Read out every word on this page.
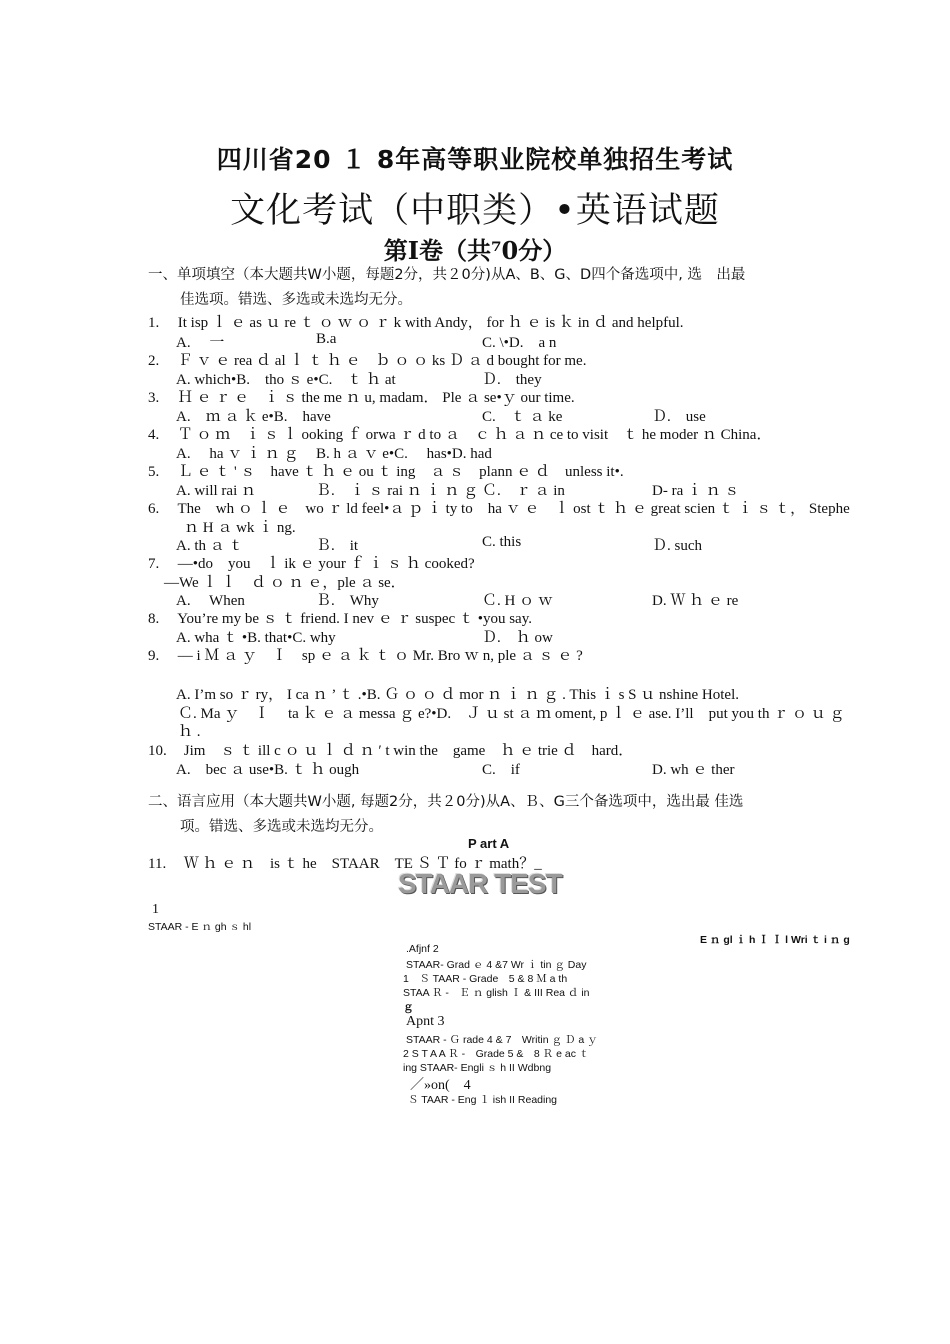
四川省20 １ 8年高等职业院校单独招生考试
文化考试（中职类）•英语试题
第I卷（共⁷0分）
一、单项填空（本大题共W小题，每题2分，共２0分)从A、B、G、D四个备选项中, 选　出最
佳选项。错选、多选或未选均无分。
1. It isp ｌ ｅ as ｕ re ｔ ｏ ｗ ｏ ｒ k with Andy， for ｈ ｅ is ｋ in ｄ and helpful.
A.　 一	B.a	C. \•D.　a n
2. Ｆ ｖ ｅ rea ｄ al ｌ ｔ ｈ ｅ　ｂ ｏ ｏ ks Ｄ ａ d bought for me.
A. which•B.　tho ｓ e•C.　ｔ ｈ at	Ｄ.　they
3. Ｈ ｅ ｒ ｅ　ｉ ｓ the me ｎ u, madam． Ple ａ se•ｙ our time.
A.　ｍ ａ ｋ e•B.　have	C.　ｔ ａ ke	Ｄ.　use
4. Ｔ ｏ ｍ　ｉ ｓ ｌ ooking ｆ orwa ｒ d to ａ　ｃ ｈ ａ ｎ ce to visit　ｔ he moder ｎ China．
A.　 ha ｖ ｉ ｎ ｇ B. h ａ ｖ e•C.　 has•D. had
5. Ｌ ｅ ｔ ' ｓ　have ｔ ｈ ｅ ou ｔ ing　ａ ｓ　plann ｅ ｄ　unless it•.
A. will rai ｎ	Ｂ.　ｉ ｓ rai ｎ ｉ ｎ ｇ Ｃ.　ｒ ａ in	D- ra ｉ ｎ ｓ
6. The　wh ｏ ｌ ｅ　wo ｒ ld feel•ａ ｐ ｉ ty to　ha ｖ ｅ　ｌ ost ｔ ｈ ｅ great scien ｔ ｉ ｓ ｔ， Stephe
ｎ H ａ wk ｉ ng.
A. th ａ ｔ	Ｂ.　it	C. this	Ｄ. such
7. —•do　you　ｌ ik ｅ your ｆ ｉ ｓ ｈ cooked?
—We ｌ ｌ　ｄ ｏ ｎ ｅ，ple ａ se．
A.　 When	Ｂ.　Why	Ｃ. H ｏ ｗ	D. Ｗ ｈ ｅ re
8. You’re my be ｓ ｔ friend. I nev ｅ ｒ suspec ｔ •you say.
A. wha ｔ •B. that•C. why	Ｄ.　ｈ ow
9. — i Ｍ ａ ｙ　Ｉ　sp ｅ ａ ｋ ｔ ｏ Mr. Bro ｗ n, ple ａ ｓ ｅ ?
A. I’m so ｒ ry， I ca ｎ ’ ｔ .•B. Ｇ ｏ ｏ ｄ mor ｎ ｉ ｎ ｇ . This ｉ s S ｕ nshine Hotel.
Ｃ. Ma ｙ　Ｉ　 ta ｋ ｅ ａ messa ｇ e?•D.　Ｊ ｕ st ａ ｍ oment, p ｌ ｅ ase. I’ll　put you th ｒ ｏ ｕ ｇ
ｈ .
10. Jim　ｓ ｔ ill c ｏ ｕ ｌ ｄ ｎ ′ t win the　game　ｈ ｅ trie ｄ　hard．
A.　bec ａ use•B. ｔ ｈ ough	C.　if	D. wh ｅ ther
二、语言应用（本大题共W小题, 每题2分，共２0分)从A、Ｂ、G三个备选项中，选出最 佳选
项。错选、多选或未选均无分。
P art A
11. Ｗ ｈ ｅ ｎ　is ｔ he　STAAR　TE Ｓ Ｔ fo ｒ math？_
STAAR TEST
1
STAAR - E ｎ gh ｓ hl
E ｎ gl ｉ h Ｉ Ｉ l Wri ｔ i ｎ g
.Afjnf 2
STAAR- Grad ｅ 4 &7 Wr ｉ tin ｇ Day
1　Ｓ TAAR - Grade　5 & 8 Ｍ a th
STAA Ｒ -　Ｅ ｎ glish Ｉ & III Rea ｄ in
ｇ
Apnt 3
STAAR - Ｇ rade 4 & 7　Writin ｇ Ｄ a ｙ
2 S T A A Ｒ -　Grade 5 &　8 Ｒ e ac ｔ
ing STAAR- Engli ｓ h II Wdbng
／»on(　4
Ｓ TAAR - Eng １ ish II Reading
